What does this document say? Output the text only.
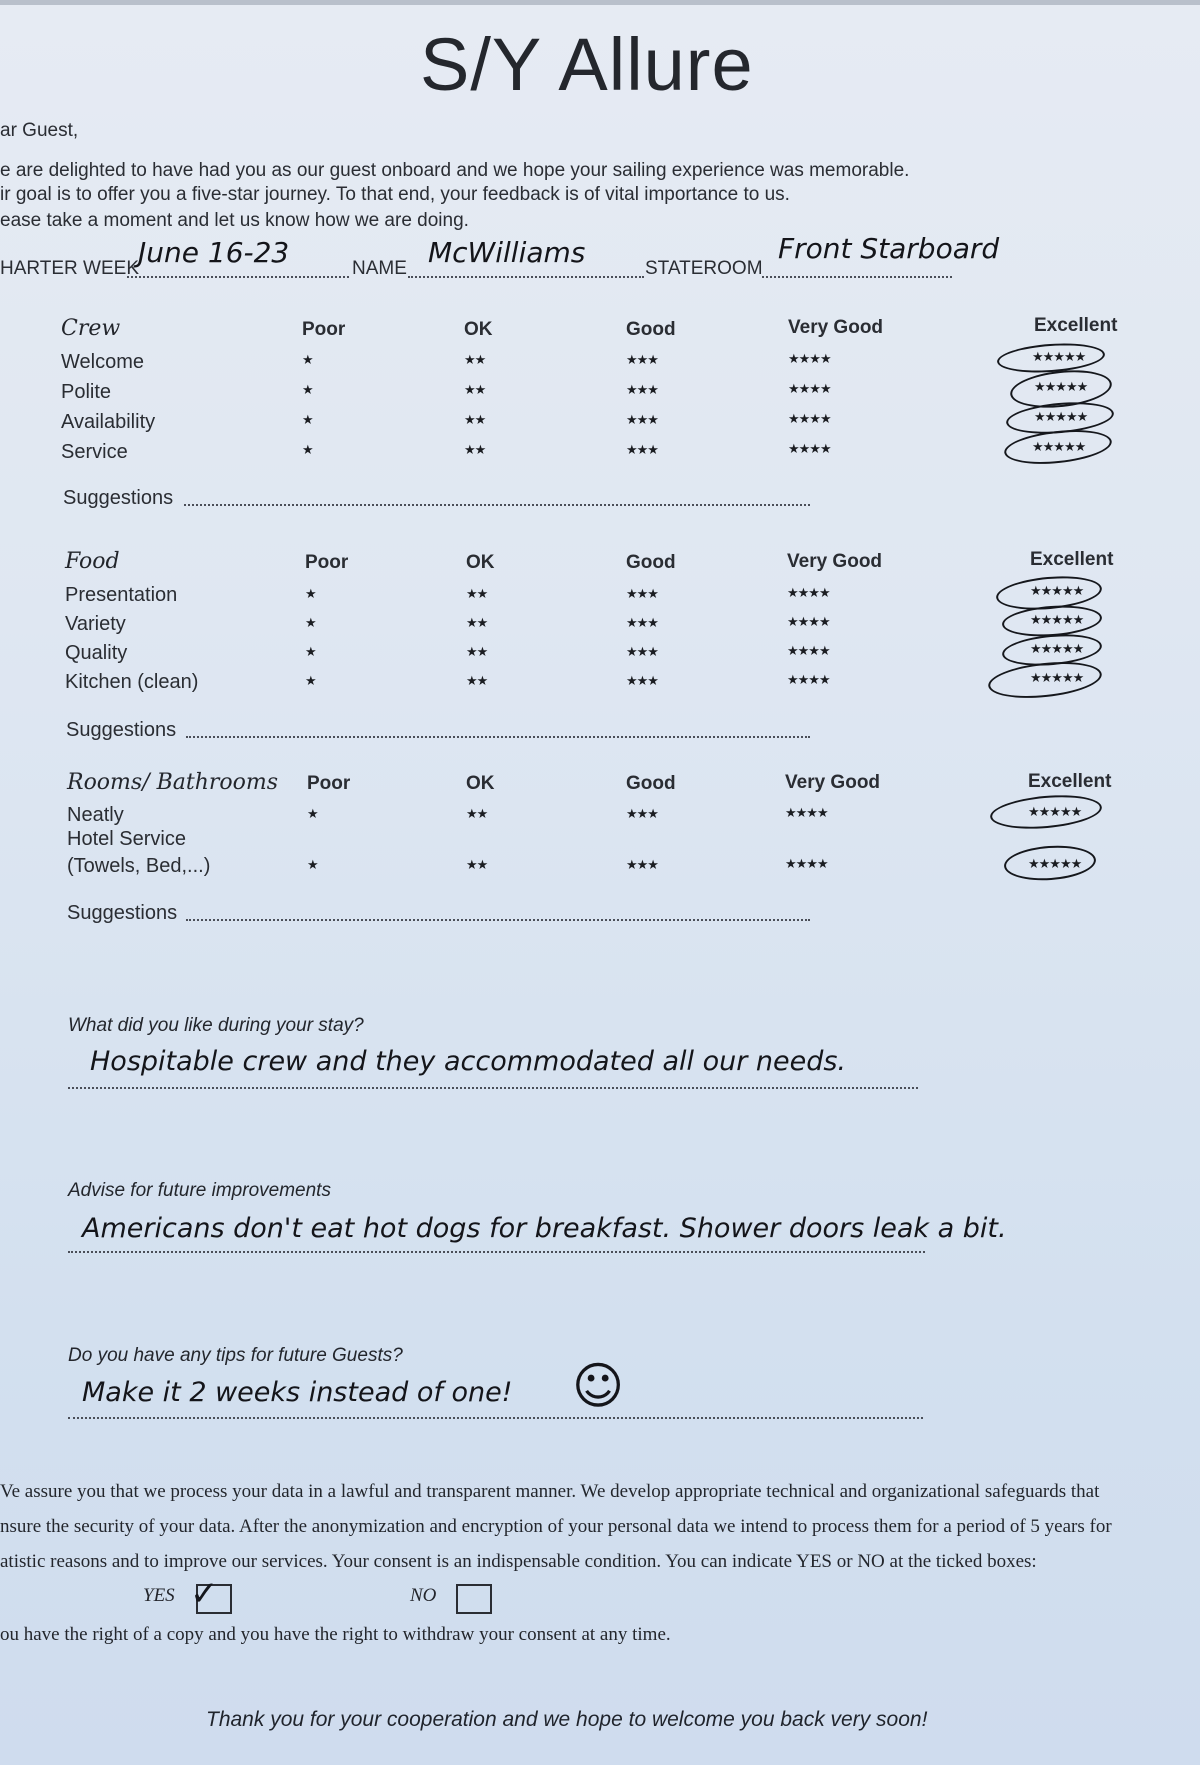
S/Y Allure
ar Guest,
e are delighted to have had you as our guest onboard and we hope your sailing experience was memorable.
ir goal is to offer you a five-star journey. To that end, your feedback is of vital importance to us.
ease take a moment and let us know how we are doing.
HARTER WEEK
June 16-23	NAME McWilliams	STATEROOM
Front Starboard
Crew	Poor	OK	Good	Very Good	Excellent
Welcome	★	★★	★★★	★★★★	★★★★★
Polite	★	★★	★★★	★★★★	★★★★★
Availability	★	★★	★★★	★★★★	★★★★★
Service	★	★★	★★★	★★★★	★★★★★
Suggestions
Food	Poor	OK	Good	Very Good	Excellent
Presentation	★	★★	★★★	★★★★	★★★★★
Variety	★	★★	★★★	★★★★	★★★★★
Quality	★	★★	★★★	★★★★	★★★★★
Kitchen (clean)	★	★★	★★★	★★★★	★★★★★
Suggestions
Rooms/ Bathrooms Poor	OK	Good	Very Good	Excellent
Neatly	★	★★	★★★	★★★★	★★★★★
Hotel Service
(Towels, Bed,...)	★	★★	★★★	★★★★	★★★★★
Suggestions
What did you like during your stay?
Hospitable crew and they accommodated all our needs.
Advise for future improvements
Americans don't eat hot dogs for breakfast. Shower doors leak a bit.
Do you have any tips for future Guests?
Make it 2 weeks instead of one! ☺
Ve assure you that we process your data in a lawful and transparent manner. We develop appropriate technical and organizational safeguards that
nsure the security of your data. After the anonymization and encryption of your personal data we intend to process them for a period of 5 years for
atistic reasons and to improve our services. Your consent is an indispensable condition. You can indicate YES or NO at the ticked boxes:
YES ✓	NO
ou have the right of a copy and you have the right to withdraw your consent at any time.
Thank you for your cooperation and we hope to welcome you back very soon!
